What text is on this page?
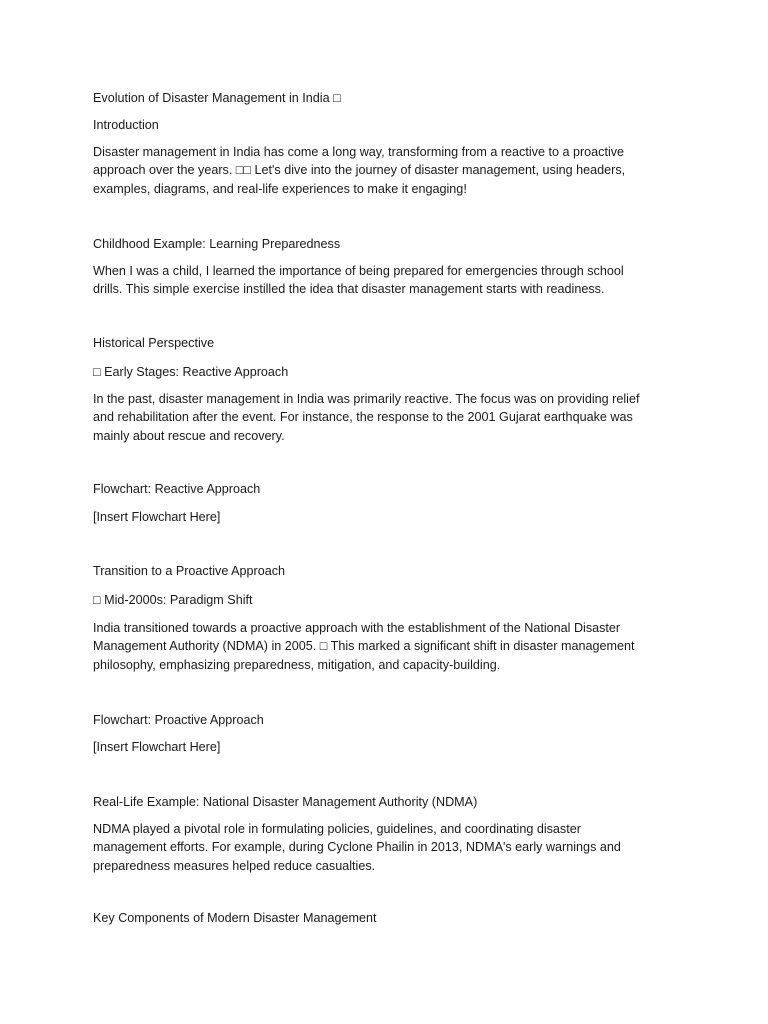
Evolution of Disaster Management in India □
Introduction
Disaster management in India has come a long way, transforming from a reactive to a proactive
approach over the years. □□ Let's dive into the journey of disaster management, using headers,
examples, diagrams, and real-life experiences to make it engaging!
Childhood Example: Learning Preparedness
When I was a child, I learned the importance of being prepared for emergencies through school
drills. This simple exercise instilled the idea that disaster management starts with readiness.
Historical Perspective
□ Early Stages: Reactive Approach
In the past, disaster management in India was primarily reactive. The focus was on providing relief
and rehabilitation after the event. For instance, the response to the 2001 Gujarat earthquake was
mainly about rescue and recovery.
Flowchart: Reactive Approach
[Insert Flowchart Here]
Transition to a Proactive Approach
□ Mid-2000s: Paradigm Shift
India transitioned towards a proactive approach with the establishment of the National Disaster
Management Authority (NDMA) in 2005. □ This marked a significant shift in disaster management
philosophy, emphasizing preparedness, mitigation, and capacity-building.
Flowchart: Proactive Approach
[Insert Flowchart Here]
Real-Life Example: National Disaster Management Authority (NDMA)
NDMA played a pivotal role in formulating policies, guidelines, and coordinating disaster
management efforts. For example, during Cyclone Phailin in 2013, NDMA's early warnings and
preparedness measures helped reduce casualties.
Key Components of Modern Disaster Management
